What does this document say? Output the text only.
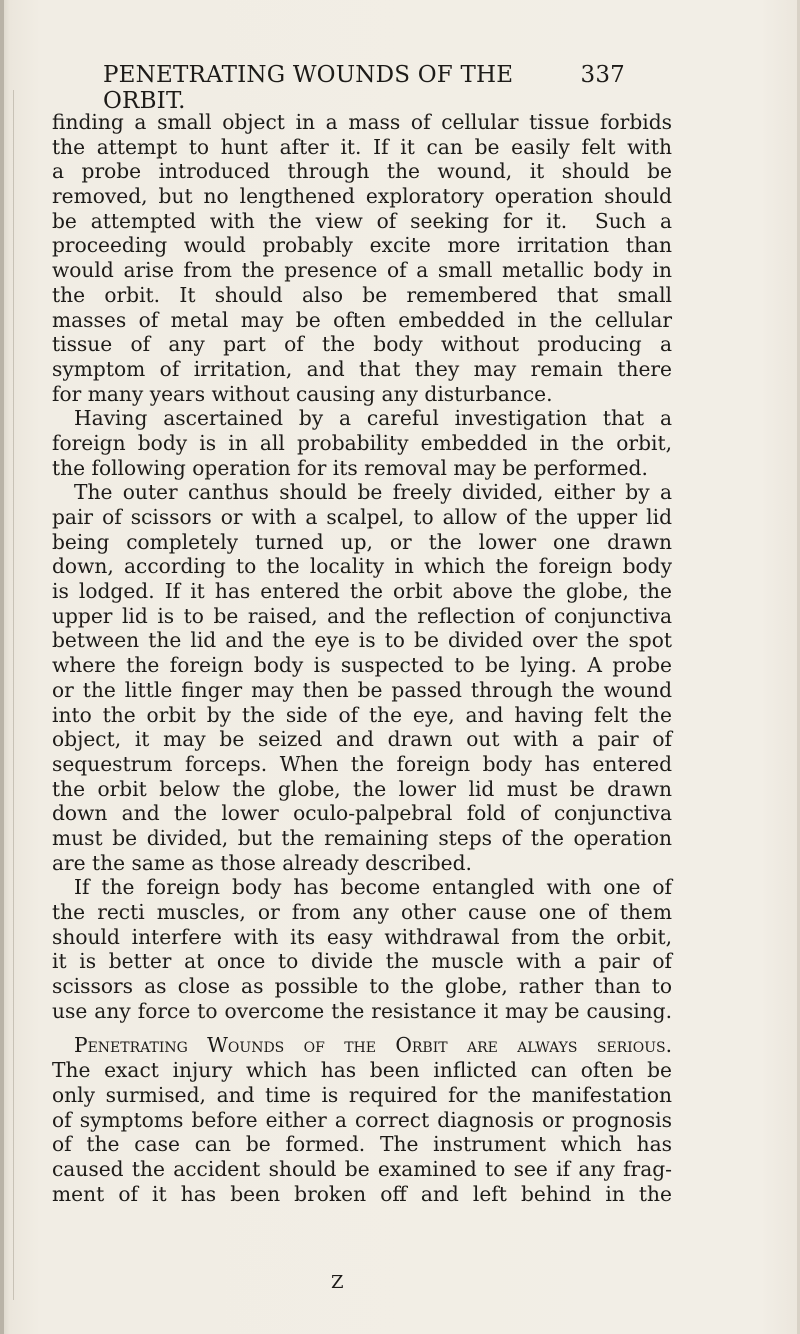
PENETRATING WOUNDS OF THE ORBIT.
337
finding a small object in a mass of cellular tissue forbids
the attempt to hunt after it. If it can be easily felt with
a probe introduced through the wound, it should be
removed, but no lengthened exploratory operation should
be attempted with the view of seeking for it.  Such a
proceeding would probably excite more irritation than
would arise from the presence of a small metallic body in
the orbit. It should also be remembered that small
masses of metal may be often embedded in the cellular
tissue of any part of the body without producing a
symptom of irritation, and that they may remain there
for many years without causing any disturbance.
Having ascertained by a careful investigation that a
foreign body is in all probability embedded in the orbit,
the following operation for its removal may be performed.
The outer canthus should be freely divided, either by a
pair of scissors or with a scalpel, to allow of the upper lid
being completely turned up, or the lower one drawn
down, according to the locality in which the foreign body
is lodged. If it has entered the orbit above the globe, the
upper lid is to be raised, and the reflection of conjunctiva
between the lid and the eye is to be divided over the spot
where the foreign body is suspected to be lying. A probe
or the little finger may then be passed through the wound
into the orbit by the side of the eye, and having felt the
object, it may be seized and drawn out with a pair of
sequestrum forceps. When the foreign body has entered
the orbit below the globe, the lower lid must be drawn
down and the lower oculo-palpebral fold of conjunctiva
must be divided, but the remaining steps of the operation
are the same as those already described.
If the foreign body has become entangled with one of
the recti muscles, or from any other cause one of them
should interfere with its easy withdrawal from the orbit,
it is better at once to divide the muscle with a pair of
scissors as close as possible to the globe, rather than to
use any force to overcome the resistance it may be causing.
Penetrating Wounds of the Orbit are always serious.
The exact injury which has been inflicted can often be
only surmised, and time is required for the manifestation
of symptoms before either a correct diagnosis or prognosis
of the case can be formed. The instrument which has
caused the accident should be examined to see if any frag-
ment of it has been broken off and left behind in the
Z
